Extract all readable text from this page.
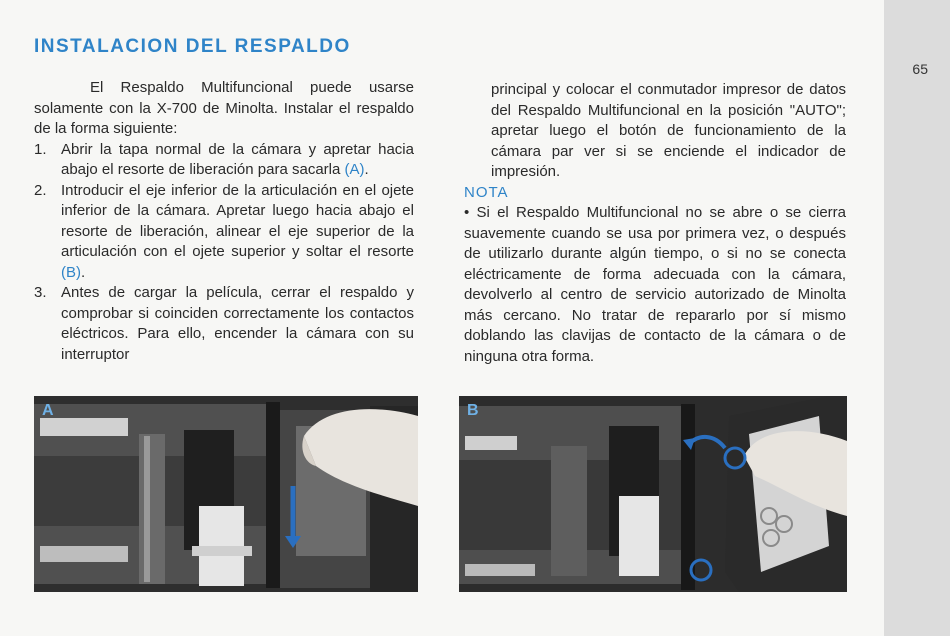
65
INSTALACION DEL RESPALDO

El Respaldo Multifuncional puede usarse solamente con la X-700 de Minolta. Instalar el respaldo de la forma siguiente:

1. Abrir la tapa normal de la cámara y apretar hacia abajo el resorte de liberación para sacarla (A).
2. Introducir el eje inferior de la articulación en el ojete inferior de la cámara. Apretar luego hacia abajo el resorte de liberación, alinear el eje superior de la articulación con el ojete superior y soltar el resorte (B).
3. Antes de cargar la película, cerrar el respaldo y comprobar si coinciden correctamente los contactos eléctricos. Para ello, encender la cámara con su interruptor

principal y colocar el conmutador impresor de datos del Respaldo Multifuncional en la posición "AUTO"; apretar luego el botón de funcionamiento de la cámara par ver si se enciende el indicador de impresión.

NOTA

• Si el Respaldo Multifuncional no se abre o se cierra suavemente cuando se usa por primera vez, o después de utilizarlo durante algún tiempo, o si no se conecta eléctricamente de forma adecuada con la cámara, devolverlo al centro de servicio autorizado de Minolta más cercano. No tratar de repararlo por sí mismo doblando las clavijas de contacto de la cámara o de ninguna otra forma.

A	B
